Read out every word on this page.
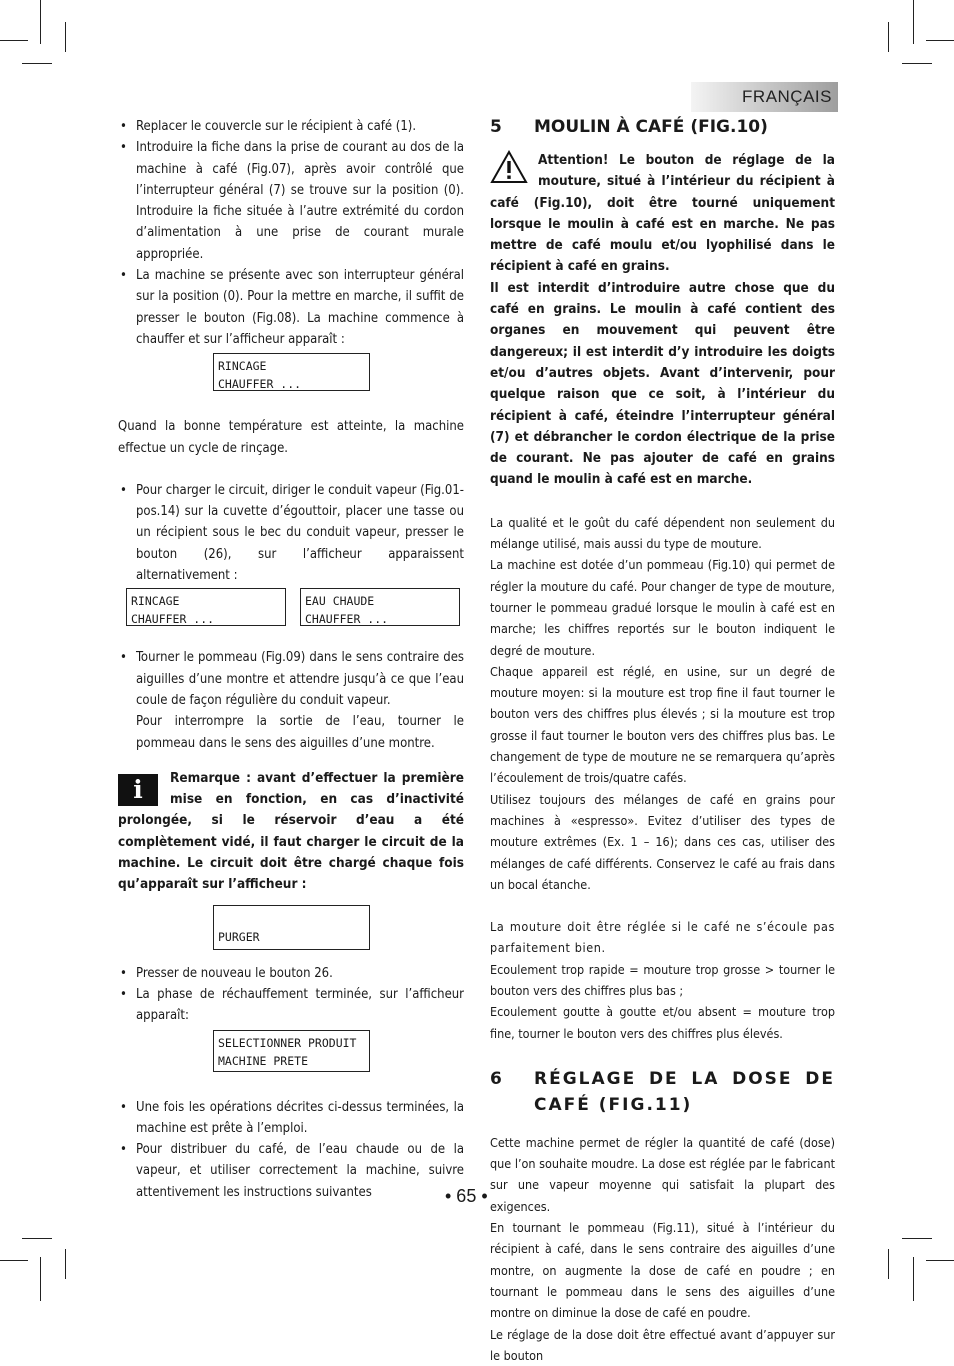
FRANÇAIS
• Replacer le couvercle sur le récipient à café (1).
• Introduire la fiche dans la prise de courant au dos de la machine à café (Fig.07), après avoir contrôlé que l’interrupteur général (7) se trouve sur la position (0). Introduire la fiche située à l’autre extrémité du cordon d’alimentation à une prise de courant murale appropriée.
• La machine se présente avec son interrupteur général sur la position (0). Pour la mettre en marche, il suffit de presser le bouton (Fig.08). La machine commence à chauffer et sur l’afficheur apparaît :
RINCAGE
CHAUFFER ...

Quand la bonne température est atteinte, la machine effectue un cycle de rinçage.

• Pour charger le circuit, diriger le conduit vapeur (Fig.01-pos.14) sur la cuvette d’égouttoir, placer une tasse ou un récipient sous le bec du conduit vapeur, presser le bouton (26), sur l’afficheur apparaissent alternativement :
RINCAGE
CHAUFFER ...
EAU CHAUDE
CHAUFFER ...
• Tourner le pommeau (Fig.09) dans le sens contraire des aiguilles d’une montre et attendre jusqu’à ce que l’eau coule de façon régulière du conduit vapeur.

Pour interrompre la sortie de l’eau, tourner le pommeau dans le sens des aiguilles d’une montre.

i	Remarque : avant d’effectuer la première mise en fonction, en cas d’inactivité prolongée, si le réservoir d’eau a été complètement vidé, il faut charger le circuit de la machine. Le circuit doit être chargé chaque fois qu’apparaît sur l’afficheur :

PURGER
• Presser de nouveau le bouton 26.
• La phase de réchauffement terminée, sur l’afficheur apparaît:
SELECTIONNER PRODUIT
MACHINE PRETE
• Une fois les opérations décrites ci-dessus terminées, la machine est prête à l’emploi.
• Pour distribuer du café, de l’eau chaude ou de la vapeur, et utiliser correctement la machine, suivre attentivement les instructions suivantes
5	MOULIN À CAFÉ (FIG.10)

Attention! Le bouton de réglage de la mouture, situé à l’intérieur du récipient à café (Fig.10), doit être tourné uniquement lorsque le moulin à café est en marche. Ne pas mettre de café moulu et/ou lyophilisé dans le récipient à café en grains.

Il est interdit d’introduire autre chose que du café en grains. Le moulin à café contient des organes en mouvement qui peuvent être dangereux; il est interdit d’y introduire les doigts et/ou d’autres objets. Avant d’intervenir, pour quelque raison que ce soit, à l’intérieur du récipient à café, éteindre l’interrupteur général (7) et débrancher le cordon électrique de la prise de courant. Ne pas ajouter de café en grains quand le moulin à café est en marche.

La qualité et le goût du café dépendent non seulement du mélange utilisé, mais aussi du type de mouture.

La machine est dotée d’un pommeau (Fig.10) qui permet de régler la mouture du café. Pour changer de type de mouture, tourner le pommeau gradué lorsque le moulin à café est en marche; les chiffres reportés sur le bouton indiquent le degré de mouture.

Chaque appareil est réglé, en usine, sur un degré de mouture moyen: si la mouture est trop fine il faut tourner le bouton vers des chiffres plus élevés ; si la mouture est trop grosse il faut tourner le bouton vers des chiffres plus bas. Le changement de type de mouture ne se remarquera qu’après l’écoulement de trois/quatre cafés.

Utilisez toujours des mélanges de café en grains pour machines à «espresso». Evitez d’utiliser des types de mouture extrêmes (Ex. 1 – 16); dans ces cas, utiliser des mélanges de café différents. Conservez le café au frais dans un bocal étanche.

La mouture doit être réglée si le café ne s’écoule pas parfaitement bien.

Ecoulement trop rapide = mouture trop grosse > tourner le bouton vers des chiffres plus bas ;

Ecoulement goutte à goutte et/ou absent = mouture trop fine, tourner le bouton vers des chiffres plus élevés.

6	RÉGLAGE DE LA DOSE DE CAFÉ (FIG.11)

Cette machine permet de régler la quantité de café (dose) que l’on souhaite moudre. La dose est réglée par le fabricant sur une vapeur moyenne qui satisfait la plupart des exigences.

En tournant le pommeau (Fig.11), situé à l’intérieur du récipient à café, dans le sens contraire des aiguilles d’une montre, on augmente la dose de café en poudre ; en tournant le pommeau dans le sens des aiguilles d’une montre on diminue la dose de café en poudre.

Le réglage de la dose doit être effectué avant d’appuyer sur le bouton

• 65 •
